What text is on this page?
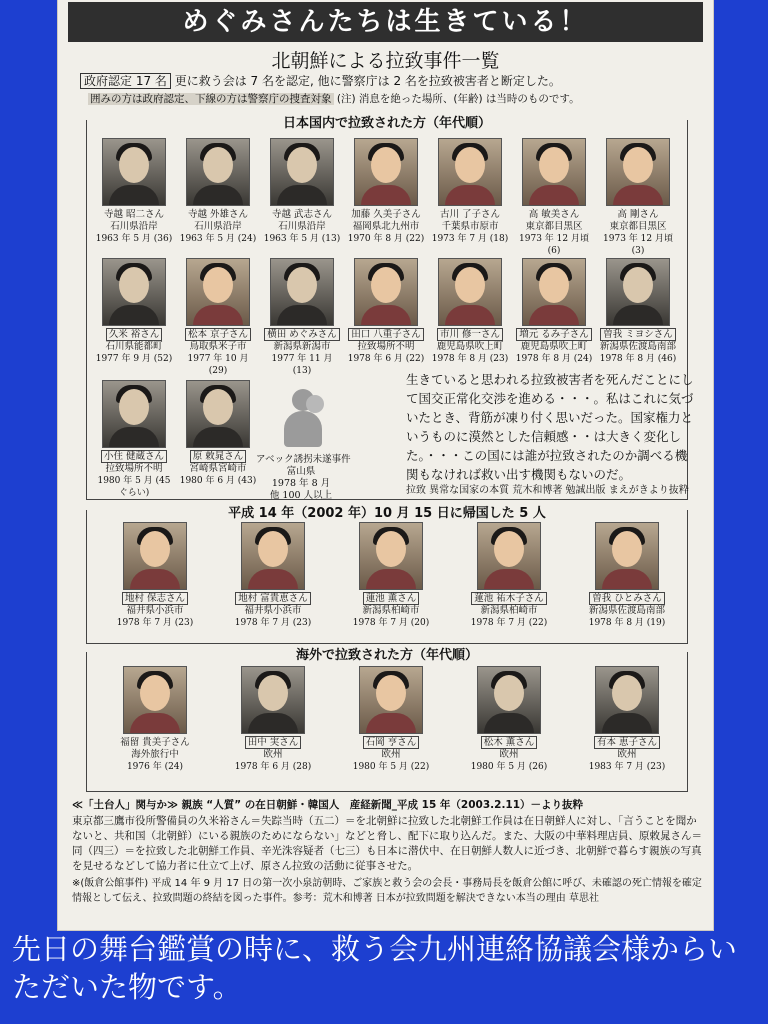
めぐみさんたちは生きている！
北朝鮮による拉致事件一覧
政府認定 17 名 更に救う会は 7 名を認定, 他に警察庁は 2 名を拉致被害者と断定した。
囲みの方は政府認定、下線の方は警察庁の捜査対象 (注) 消息を絶った場所、(年齢) は当時のものです。
日本国内で拉致された方（年代順）
寺越 昭二さん
石川県沿岸
1963 年 5 月 (36)
寺越 外雄さん
石川県沿岸
1963 年 5 月 (24)
寺越 武志さん
石川県沿岸
1963 年 5 月 (13)
加藤 久美子さん
福岡県北九州市
1970 年 8 月 (22)
古川 了子さん
千葉県市原市
1973 年 7 月 (18)
高 敏美さん
東京都目黒区
1973 年 12 月頃 (6)
高 剛さん
東京都目黒区
1973 年 12 月頃 (3)
久米 裕さん
石川県能都町
1977 年 9 月 (52)
松本 京子さん
鳥取県米子市
1977 年 10 月 (29)
横田 めぐみさん
新潟県新潟市
1977 年 11 月 (13)
田口 八重子さん
拉致場所不明
1978 年 6 月 (22)
市川 修一さん
鹿児島県吹上町
1978 年 8 月 (23)
増元 るみ子さん
鹿児島県吹上町
1978 年 8 月 (24)
曽我 ミヨシさん
新潟県佐渡島南部
1978 年 8 月 (46)
小住 健蔵さん
拉致場所不明
1980 年 5 月 (45 ぐらい)
原 敕晁さん
宮崎県宮崎市
1980 年 6 月 (43)
アベック誘拐未遂事件
富山県
1978 年 8 月
他 100 人以上
生きていると思われる拉致被害者を死んだことにして国交正常化交渉を進める・・・。私はこれに気づいたとき、背筋が凍り付く思いだった。国家権力というものに漠然とした信頼感・・は大きく変化した。・・・この国には誰が拉致されたのか調べる機関もなければ救い出す機関もないのだ。
拉致 異常な国家の本質 荒木和博著 勉誠出版 まえがきより抜粋
平成 14 年（2002 年）10 月 15 日に帰国した 5 人
地村 保志さん
福井県小浜市
1978 年 7 月 (23)
地村 富貴恵さん
福井県小浜市
1978 年 7 月 (23)
蓮池 薫さん
新潟県柏崎市
1978 年 7 月 (20)
蓮池 祐木子さん
新潟県柏崎市
1978 年 7 月 (22)
曽我 ひとみさん
新潟県佐渡島南部
1978 年 8 月 (19)
海外で拉致された方（年代順）
福留 貴美子さん
海外旅行中
1976 年 (24)
田中 実さん
欧州
1978 年 6 月 (28)
石岡 亨さん
欧州
1980 年 5 月 (22)
松木 薫さん
欧州
1980 年 5 月 (26)
有本 恵子さん
欧州
1983 年 7 月 (23)
≪「土台人」関与か≫ 親族 “人質” の在日朝鮮・韓国人　産経新聞_平成 15 年（2003.2.11）－より抜粋
東京都三鷹市役所警備員の久米裕さん＝失踪当時（五二）＝を北朝鮮に拉致した北朝鮮工作員は在日朝鮮人に対し、「言うことを聞かないと、共和国（北朝鮮）にいる親族のためにならない」などと脅し、配下に取り込んだ。また、大阪の中華料理店員、原敕晁さん＝同（四三）＝を拉致した北朝鮮工作員、辛光洙容疑者（七三）も日本に潜伏中、在日朝鮮人数人に近づき、北朝鮮で暮らす親族の写真を見せるなどして協力者に仕立て上げ、原さん拉致の活動に従事させた。
※(飯倉公館事件) 平成 14 年 9 月 17 日の第一次小泉訪朝時、ご家族と救う会の会長・事務局長を飯倉公館に呼び、未確認の死亡情報を確定情報として伝え、拉致問題の終結を図った事件。参考：荒木和博著 日本が拉致問題を解決できない本当の理由 草思社
先日の舞台鑑賞の時に、救う会九州連絡協議会様からいただいた物です。
